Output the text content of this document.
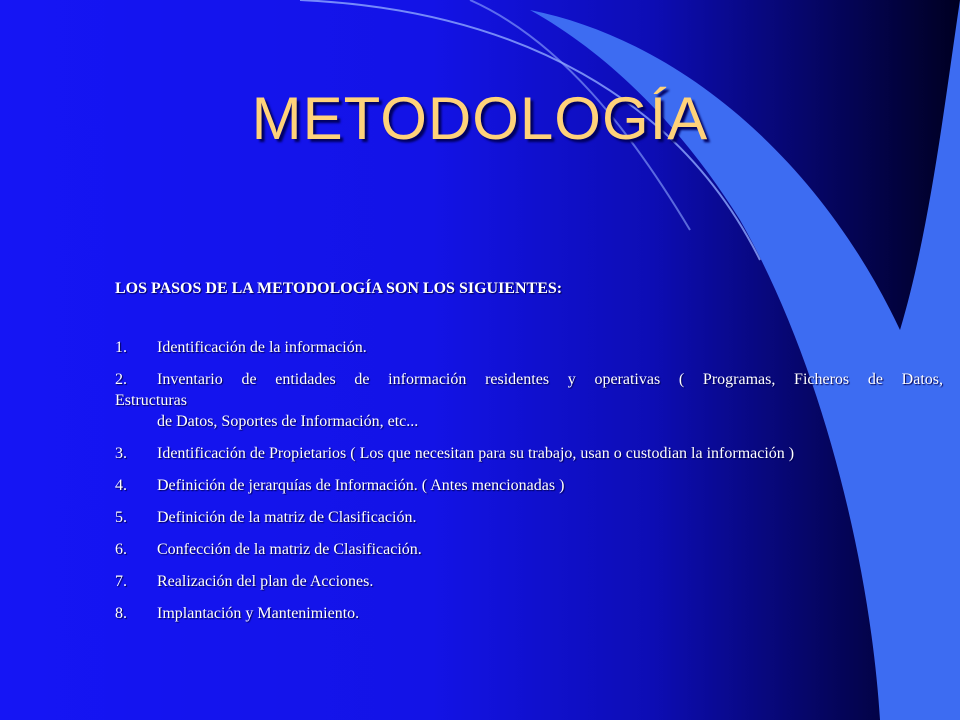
METODOLOGÍA
LOS PASOS DE LA METODOLOGÍA SON LOS SIGUIENTES:
1.	Identificación de la información.
2.	Inventario de entidades de información residentes y operativas ( Programas, Ficheros de Datos,
Estructuras
de Datos, Soportes de Información, etc...
3.	Identificación de Propietarios ( Los que necesitan para su trabajo, usan o custodian la información )
4.	Definición de jerarquías de Información. ( Antes mencionadas )
5.	Definición de la matriz de Clasificación.
6.	Confección de la matriz de Clasificación.
7.	Realización del plan de Acciones.
8.	Implantación y Mantenimiento.
